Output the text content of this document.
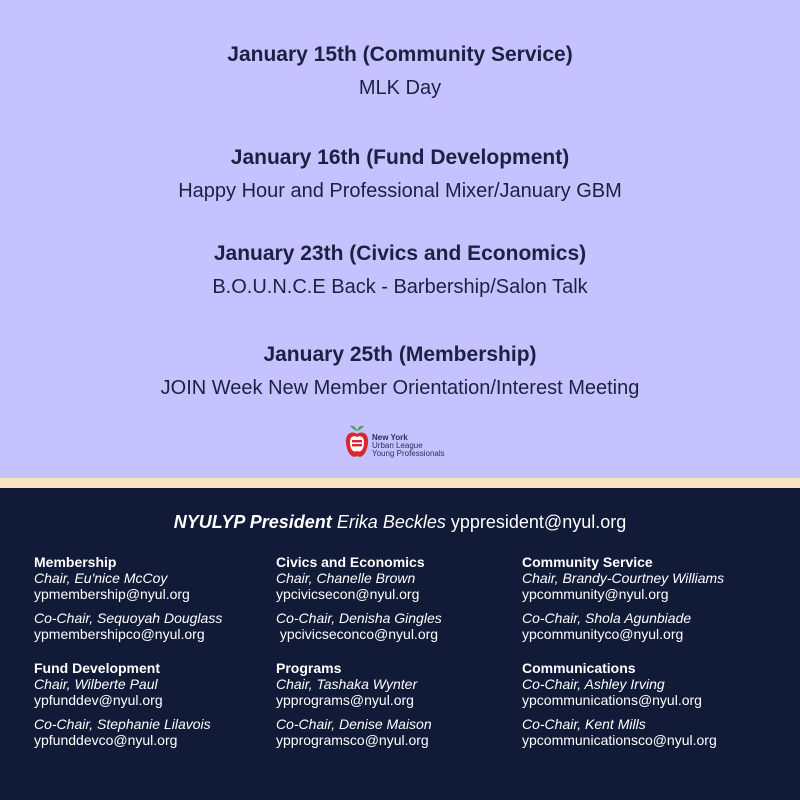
January 15th (Community Service)
MLK Day
January 16th (Fund Development)
Happy Hour and Professional Mixer/January GBM
January 23th (Civics and Economics)
B.O.U.N.C.E Back - Barbership/Salon Talk
January 25th (Membership)
JOIN Week New Member Orientation/Interest Meeting
New York
Urban League
Young Professionals
NYULYP President Erika Beckles yppresident@nyul.org
Membership
Chair, Eu'nice McCoy
ypmembership@nyul.org
Co-Chair, Sequoyah Douglass
ypmembershipco@nyul.org
Fund Development
Chair, Wilberte Paul
ypfunddev@nyul.org
Co-Chair, Stephanie Lilavois
ypfunddevco@nyul.org
Civics and Economics
Chair, Chanelle Brown
ypcivicsecon@nyul.org
Co-Chair, Denisha Gingles
ypcivicseconco@nyul.org
Programs
Chair, Tashaka Wynter
ypprograms@nyul.org
Co-Chair, Denise Maison
ypprogramsco@nyul.org
Community Service
Chair, Brandy-Courtney Williams
ypcommunity@nyul.org
Co-Chair, Shola Agunbiade
ypcommunityco@nyul.org
Communications
Co-Chair, Ashley Irving
ypcommunications@nyul.org
Co-Chair, Kent Mills
ypcommunicationsco@nyul.org
